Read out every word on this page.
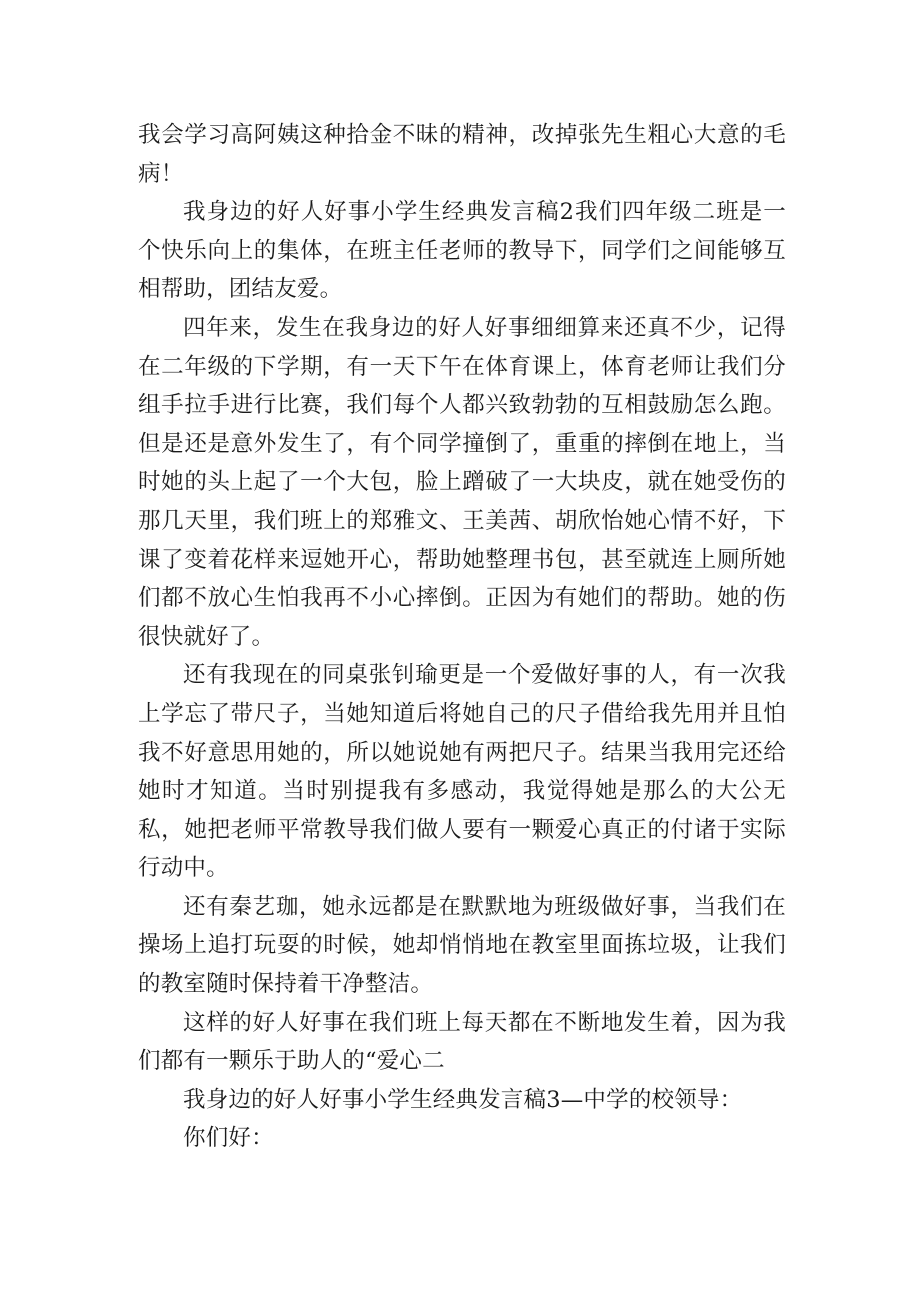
我会学习高阿姨这种拾金不昧的精神，改掉张先生粗心大意的毛病！

我身边的好人好事小学生经典发言稿2我们四年级二班是一个快乐向上的集体，在班主任老师的教导下，同学们之间能够互相帮助，团结友爱。

四年来，发生在我身边的好人好事细细算来还真不少，记得在二年级的下学期，有一天下午在体育课上，体育老师让我们分组手拉手进行比赛，我们每个人都兴致勃勃的互相鼓励怎么跑。但是还是意外发生了，有个同学撞倒了，重重的摔倒在地上，当时她的头上起了一个大包，脸上蹭破了一大块皮，就在她受伤的那几天里，我们班上的郑雅文、王美茜、胡欣怡她心情不好，下课了变着花样来逗她开心，帮助她整理书包，甚至就连上厕所她们都不放心生怕我再不小心摔倒。正因为有她们的帮助。她的伤很快就好了。

还有我现在的同桌张钊瑜更是一个爱做好事的人，有一次我上学忘了带尺子，当她知道后将她自己的尺子借给我先用并且怕我不好意思用她的，所以她说她有两把尺子。结果当我用完还给她时才知道。当时别提我有多感动，我觉得她是那么的大公无私，她把老师平常教导我们做人要有一颗爱心真正的付诸于实际行动中。

还有秦艺珈，她永远都是在默默地为班级做好事，当我们在操场上追打玩耍的时候，她却悄悄地在教室里面拣垃圾，让我们的教室随时保持着干净整洁。

这样的好人好事在我们班上每天都在不断地发生着，因为我们都有一颗乐于助人的“爱心二

我身边的好人好事小学生经典发言稿3—中学的校领导：

你们好：
